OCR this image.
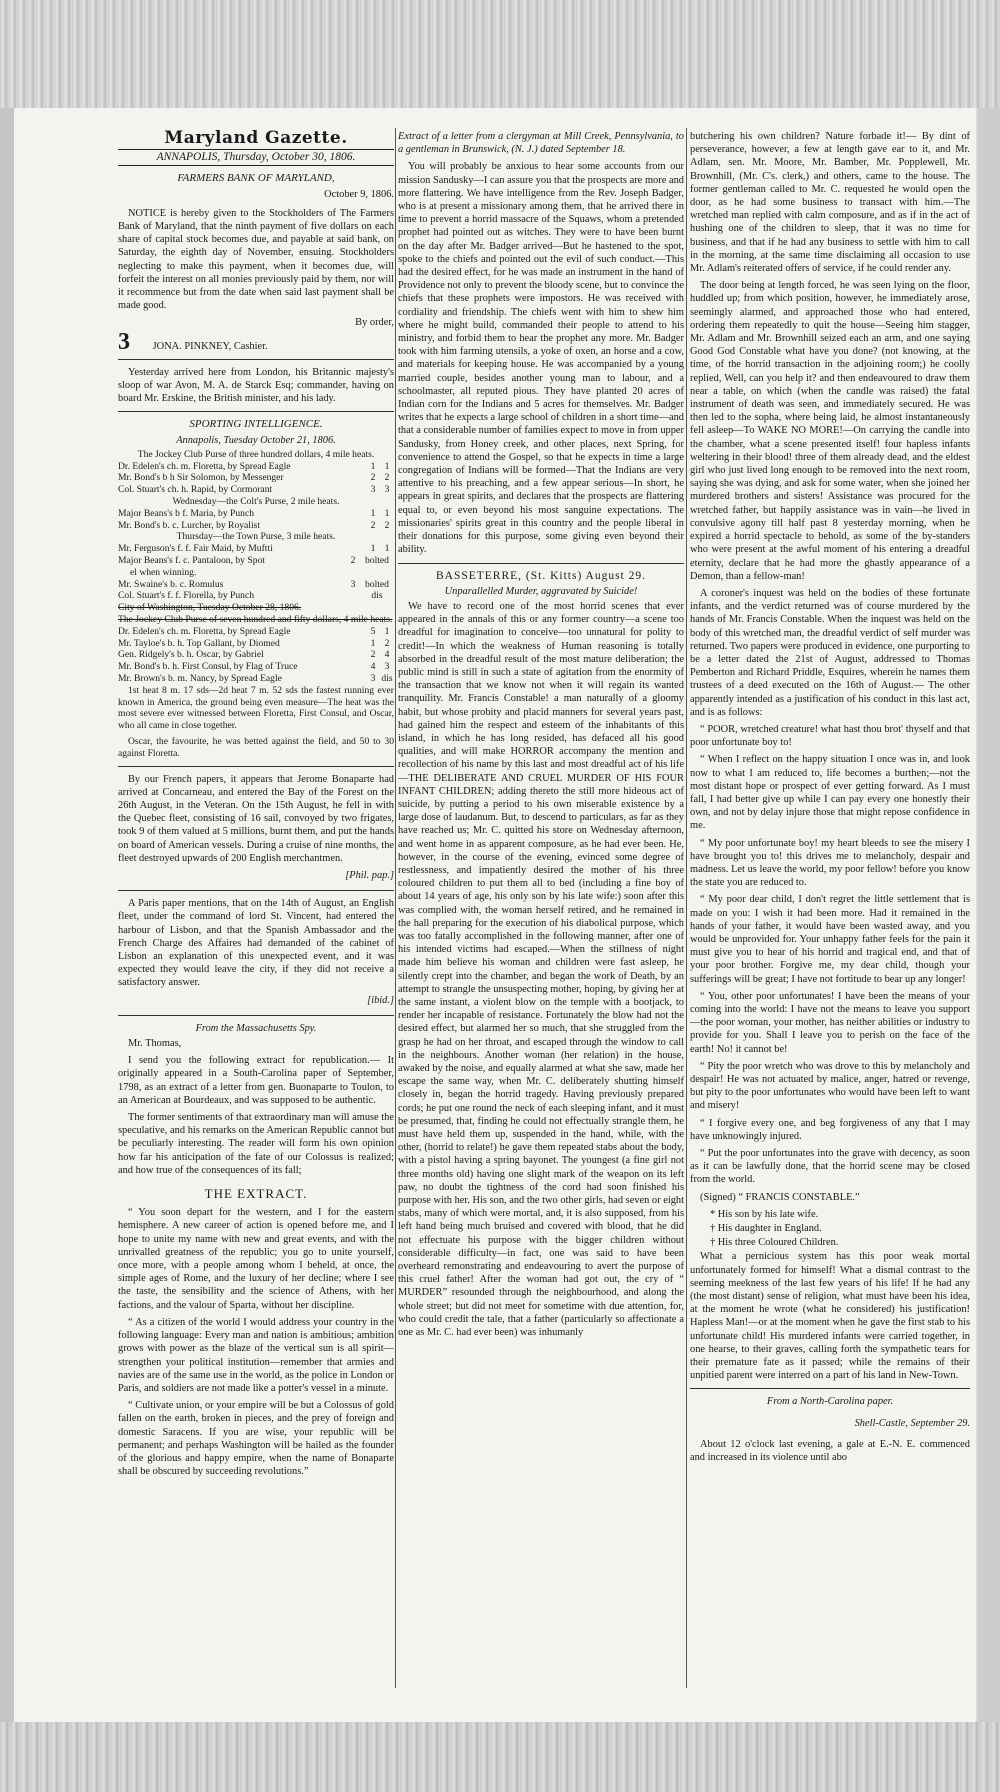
Maryland Gazette.
ANNAPOLIS, Thursday, October 30, 1806.
FARMERS BANK OF MARYLAND,
October 9, 1806.

NOTICE is hereby given to the Stockholders of The Farmers Bank of Maryland, that the ninth payment of five dollars on each share of capital stock becomes due, and payable at said bank, on Saturday, the eighth day of November, ensuing. Stockholders neglecting to make this payment, when it becomes due, will forfeit the interest on all monies previously paid by them, nor will it recommence but from the date when said last payment shall be made good.

By order,
3 JONA. PINKNEY, Cashier.

Yesterday arrived here from London, his Britannic majesty's sloop of war Avon, M. A. de Starck Esq; commander, having on board Mr. Erskine, the British minister, and his lady.

SPORTING INTELLIGENCE.
Annapolis, Tuesday October 21, 1806.
The Jockey Club Purse of three hundred dollars, 4 mile heats.
Dr. Edelen's ch. m. Floretta, by Spread Eagle	1 1
Mr. Bond's b h Sir Solomon, by Messenger	2 2
Col. Stuart's ch. h. Rapid, by Cormorant	3 3
Wednesday—the Colt's Purse, 2 mile heats.
Major Beans's b f. Maria, by Punch	1 1
Mr. Bond's b. c. Lurcher, by Royalist	2 2
Thursday—the Town Purse, 3 mile heats.
Mr. Ferguson's f. f. Fair Maid, by Muftti	1 1
Major Beans's f. c. Pantaloon, by Spot	2	bolted
el when winning.
Mr. Swaine's b. c. Romulus	3	bolted
Col. Stuart's f. f. Florella, by Punch	dis
City of Washington, Tuesday October 28, 1806.
The Jockey Club Purse of seven hundred and fifty dollars, 4 mile heats.
Dr. Edelen's ch. m. Floretta, by Spread Eagle	5 1
Mr. Tayloe's b. h. Top Gallant, by Diomed	1 2
Gen. Ridgely's b. h. Oscar, by Gabriel	2 4
Mr. Bond's b. h. First Consul, by Flag of Truce	4 3
Mr. Brown's b. m. Nancy, by Spread Eagle	3 dis

1st heat 8 m. 17 sds—2d heat 7 m. 52 sds the fastest running ever known in America, the ground being even measure—The heat was the most severe ever witnessed between Floretta, First Consul, and Oscar, who all came in close together.

Oscar, the favourite, he was betted against the field, and 50 to 30 against Floretta.

By our French papers, it appears that Jerome Bonaparte had arrived at Concarneau, and entered the Bay of the Forest on the 26th August, in the Veteran. On the 15th August, he fell in with the Quebec fleet, consisting of 16 sail, convoyed by two frigates, took 9 of them valued at 5 millions, burnt them, and put the hands on board of American vessels. During a cruise of nine months, the fleet destroyed upwards of 200 English merchantmen.

[Phil. pap.]

A Paris paper mentions, that on the 14th of August, an English fleet, under the command of lord St. Vincent, had entered the harbour of Lisbon, and that the Spanish Ambassador and the French Charge des Affaires had demanded of the cabinet of Lisbon an explanation of this unexpected event, and it was expected they would leave the city, if they did not receive a satisfactory answer.

[ibid.]
From the Massachusetts Spy.

Mr. Thomas,

I send you the following extract for republication.— It originally appeared in a South-Carolina paper of September, 1798, as an extract of a letter from gen. Buonaparte to Toulon, to an American at Bourdeaux, and was supposed to be authentic.

The former sentiments of that extraordinary man will amuse the speculative, and his remarks on the American Republic cannot but be peculiarly interesting. The reader will form his own opinion how far his anticipation of the fate of our Colossus is realized; and how true of the consequences of its fall;

THE EXTRACT.

“ You soon depart for the western, and I for the eastern hemisphere. A new career of action is opened before me, and I hope to unite my name with new and great events, and with the unrivalled greatness of the republic; you go to unite yourself, once more, with a people among whom I beheld, at once, the simple ages of Rome, and the luxury of her decline; where I see the taste, the sensibility and the science of Athens, with her factions, and the valour of Sparta, without her discipline.

“ As a citizen of the world I would address your country in the following language: Every man and nation is ambitious; ambition grows with power as the blaze of the vertical sun is all spirit—strengthen your political institution—remember that armies and navies are of the same use in the world, as the police in London or Paris, and soldiers are not made like a potter's vessel in a minute.

“ Cultivate union, or your empire will be but a Colossus of gold fallen on the earth, broken in pieces, and the prey of foreign and domestic Saracens. If you are wise, your republic will be permanent; and perhaps Washington will be hailed as the founder of the glorious and happy empire, when the name of Bonaparte shall be obscured by succeeding revolutions.”

Extract of a letter from a clergyman at Mill Creek, Pennsylvania, to a gentleman in Brunswick, (N. J.) dated September 18.

You will probably be anxious to hear some accounts from our mission Sandusky—I can assure you that the prospects are more and more flattering. We have intelligence from the Rev. Joseph Badger, who is at present a missionary among them, that he arrived there in time to prevent a horrid massacre of the Squaws, whom a pretended prophet had pointed out as witches. They were to have been burnt on the day after Mr. Badger arrived—But he hastened to the spot, spoke to the chiefs and pointed out the evil of such conduct.—This had the desired effect, for he was made an instrument in the hand of Providence not only to prevent the bloody scene, but to convince the chiefs that these prophets were impostors. He was received with cordiality and friendship. The chiefs went with him to shew him where he might build, commanded their people to attend to his ministry, and forbid them to hear the prophet any more. Mr. Badger took with him farming utensils, a yoke of oxen, an horse and a cow, and materials for keeping house. He was accompanied by a young married couple, besides another young man to labour, and a schoolmaster, all reputed pious. They have planted 20 acres of Indian corn for the Indians and 5 acres for themselves. Mr. Badger writes that he expects a large school of children in a short time—and that a considerable number of families expect to move in from upper Sandusky, from Honey creek, and other places, next Spring, for convenience to attend the Gospel, so that he expects in time a large congregation of Indians will be formed—That the Indians are very attentive to his preaching, and a few appear serious—In short, he appears in great spirits, and declares that the prospects are flattering equal to, or even beyond his most sanguine expectations. The missionaries' spirits great in this country and the people liberal in their donations for this purpose, some giving even beyond their ability.

BASSETERRE, (St. Kitts) August 29.
Unparallelled Murder, aggravated by Suicide!

We have to record one of the most horrid scenes that ever appeared in the annals of this or any former country—a scene too dreadful for imagination to conceive—too unnatural for polity to credit!—In which the weakness of Human reasoning is totally absorbed in the dreadful result of the most mature deliberation; the public mind is still in such a state of agitation from the enormity of the transaction that we know not when it will regain its wanted tranquility. Mr. Francis Constable! a man naturally of a gloomy habit, but whose probity and placid manners for several years past, had gained him the respect and esteem of the inhabitants of this island, in which he has long resided, has defaced all his good qualities, and will make HORROR accompany the mention and recollection of his name by this last and most dreadful act of his life—THE DELIBERATE AND CRUEL MURDER OF HIS FOUR INFANT CHILDREN; adding thereto the still more hideous act of suicide, by putting a period to his own miserable existence by a large dose of laudanum. But, to descend to particulars, as far as they have reached us; Mr. C. quitted his store on Wednesday afternoon, and went home in as apparent composure, as he had ever been. He, however, in the course of the evening, evinced some degree of restlessness, and impatiently desired the mother of his three coloured children to put them all to bed (including a fine boy of about 14 years of age, his only son by his late wife:) soon after this was complied with, the woman herself retired, and he remained in the hall preparing for the execution of his diabolical purpose, which was too fatally accomplished in the following manner, after one of his intended victims had escaped.—When the stillness of night made him believe his woman and children were fast asleep, he silently crept into the chamber, and began the work of Death, by an attempt to strangle the unsuspecting mother, hoping, by giving her at the same instant, a violent blow on the temple with a bootjack, to render her incapable of resistance. Fortunately the blow had not the desired effect, but alarmed her so much, that she struggled from the grasp he had on her throat, and escaped through the window to call in the neighbours. Another woman (her relation) in the house, awaked by the noise, and equally alarmed at what she saw, made her escape the same way, when Mr. C. deliberately shutting himself closely in, began the horrid tragedy. Having previously prepared cords; he put one round the neck of each sleeping infant, and it must be presumed, that, finding he could not effectually strangle them, he must have held them up, suspended in the hand, while, with the other, (horrid to relate!) he gave them repeated stabs about the body, with a pistol having a spring bayonet. The youngest (a fine girl not three months old) having one slight mark of the weapon on its left paw, no doubt the tightness of the cord had soon finished his purpose with her. His son, and the two other girls, had seven or eight stabs, many of which were mortal, and, it is also supposed, from his left hand being much bruised and covered with blood, that he did not effectuate his purpose with the bigger children without considerable difficulty—in fact, one was said to have been overheard remonstrating and endeavouring to avert the purpose of this cruel father! After the woman had got out, the cry of “ MURDER” resounded through the neighbourhood, and along the whole street; but did not meet for sometime with due attention, for, who could credit the tale, that a father (particularly so affectionate a one as Mr. C. had ever been) was inhumanly

butchering his own children? Nature forbade it!— By dint of perseverance, however, a few at length gave ear to it, and Mr. Adlam, sen. Mr. Moore, Mr. Bamber, Mr. Popplewell, Mr. Brownhill, (Mr. C's. clerk,) and others, came to the house. The former gentleman called to Mr. C. requested he would open the door, as he had some business to transact with him.—The wretched man replied with calm composure, and as if in the act of hushing one of the children to sleep, that it was no time for business, and that if he had any business to settle with him to call in the morning, at the same time disclaiming all occasion to use Mr. Adlam's reiterated offers of service, if he could render any.

The door being at length forced, he was seen lying on the floor, huddled up; from which position, however, he immediately arose, seemingly alarmed, and approached those who had entered, ordering them repeatedly to quit the house—Seeing him stagger, Mr. Adlam and Mr. Brownhill seized each an arm, and one saying Good God Constable what have you done? (not knowing, at the time, of the horrid transaction in the adjoining room;) he coolly replied, Well, can you help it? and then endeavoured to draw them near a table, on which (when the candle was raised) the fatal instrument of death was seen, and immediately secured. He was then led to the sopha, where being laid, he almost instantaneously fell asleep—To WAKE NO MORE!—On carrying the candle into the chamber, what a scene presented itself! four hapless infants weltering in their blood! three of them already dead, and the eldest girl who just lived long enough to be removed into the next room, saying she was dying, and ask for some water, when she joined her murdered brothers and sisters! Assistance was procured for the wretched father, but happily assistance was in vain—he lived in convulsive agony till half past 8 yesterday morning, when he expired a horrid spectacle to behold, as some of the by-standers who were present at the awful moment of his entering a dreadful eternity, declare that he had more the ghastly appearance of a Demon, than a fellow-man!

A coroner's inquest was held on the bodies of these fortunate infants, and the verdict returned was of course murdered by the hands of Mr. Francis Constable. When the inquest was held on the body of this wretched man, the dreadful verdict of self murder was returned. Two papers were produced in evidence, one purporting to be a letter dated the 21st of August, addressed to Thomas Pemberton and Richard Priddle, Esquires, wherein he names them trustees of a deed executed on the 16th of August.— The other apparently intended as a justification of his conduct in this last act, and is as follows:

“ POOR, wretched creature! what hast thou brot' thyself and that poor unfortunate boy to!

“ When I reflect on the happy situation I once was in, and look now to what I am reduced to, life becomes a burthen;—not the most distant hope or prospect of ever getting forward. As I must fall, I had better give up while I can pay every one honestly their own, and not by delay injure those that might repose confidence in me.

“ My poor unfortunate boy! my heart bleeds to see the misery I have brought you to! this drives me to melancholy, despair and madness. Let us leave the world, my poor fellow! before you know the state you are reduced to.

“ My poor dear child, I don't regret the little settlement that is made on you: I wish it had been more. Had it remained in the hands of your father, it would have been wasted away, and you would be unprovided for. Your unhappy father feels for the pain it must give you to hear of his horrid and tragical end, and that of your poor brother. Forgive me, my dear child, though your sufferings will be great; I have not fortitude to bear up any longer!

“ You, other poor unfortunates! I have been the means of your coming into the world: I have not the means to leave you support—the poor woman, your mother, has neither abilities or industry to provide for you. Shall I leave you to perish on the face of the earth! No! it cannot be!

“ Pity the poor wretch who was drove to this by melancholy and despair! He was not actuated by malice, anger, hatred or revenge, but pity to the poor unfortunates who would have been left to want and misery!

“ I forgive every one, and beg forgiveness of any that I may have unknowingly injured.

“ Put the poor unfortunates into the grave with decency, as soon as it can be lawfully done, that the horrid scene may be closed from the world.

(Signed) “ FRANCIS CONSTABLE.”

* His son by his late wife.

† His daughter in England.

† His three Coloured Children.

What a pernicious system has this poor weak mortal unfortunately formed for himself! What a dismal contrast to the seeming meekness of the last few years of his life! If he had any (the most distant) sense of religion, what must have been his idea, at the moment he wrote (what he considered) his justification! Hapless Man!—or at the moment when he gave the first stab to his unfortunate child! His murdered infants were carried together, in one hearse, to their graves, calling forth the sympathetic tears for their premature fate as it passed; while the remains of their unpitied parent were interred on a part of his land in New-Town.

From a North-Carolina paper.
Shell-Castle, September 29.

About 12 o'clock last evening, a gale at E.-N. E. commenced and increased in its violence until abo
